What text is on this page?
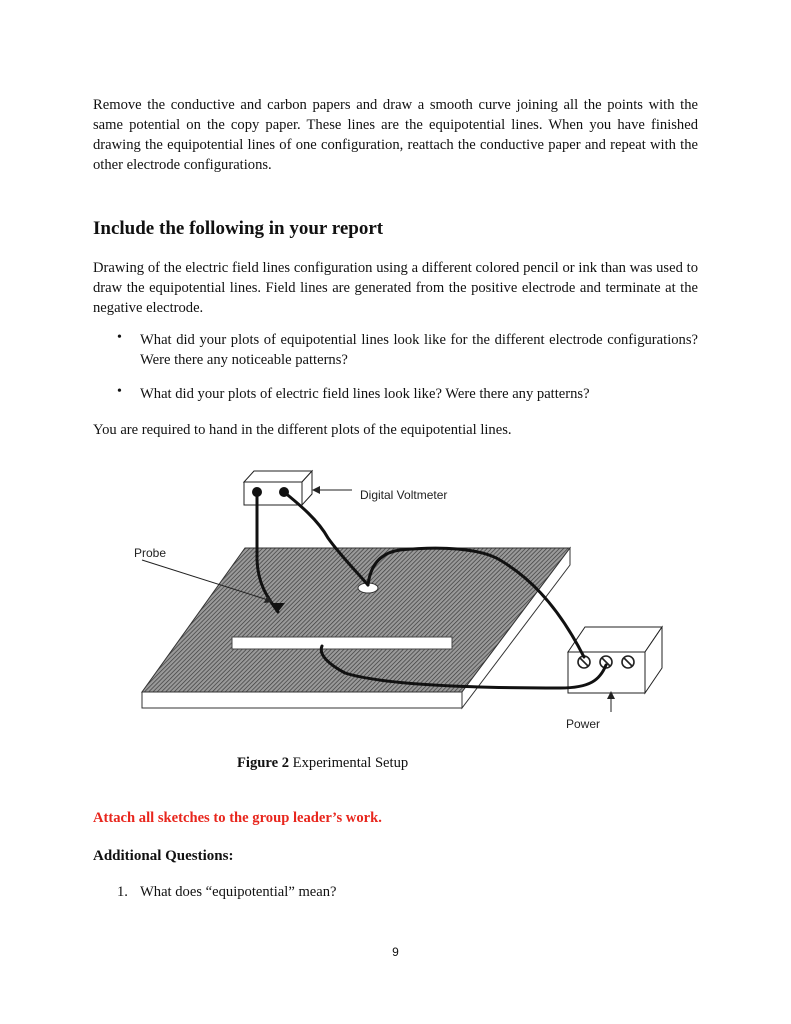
Remove the conductive and carbon papers and draw a smooth curve joining all the points with the same potential on the copy paper. These lines are the equipotential lines. When you have finished drawing the equipotential lines of one configuration, reattach the conductive paper and repeat with the other electrode configurations.

Include the following in your report

Drawing of the electric field lines configuration using a different colored pencil or ink than was used to draw the equipotential lines. Field lines are generated from the positive electrode and terminate at the negative electrode.

• What did your plots of equipotential lines look like for the different electrode configurations? Were there any noticeable patterns?

• What did your plots of electric field lines look like? Were there any patterns?

You are required to hand in the different plots of the equipotential lines.

Digital Voltmeter
Probe
Power

Figure 2 Experimental Setup

Attach all sketches to the group leader’s work.

Additional Questions:

1. What does “equipotential” mean?

9
